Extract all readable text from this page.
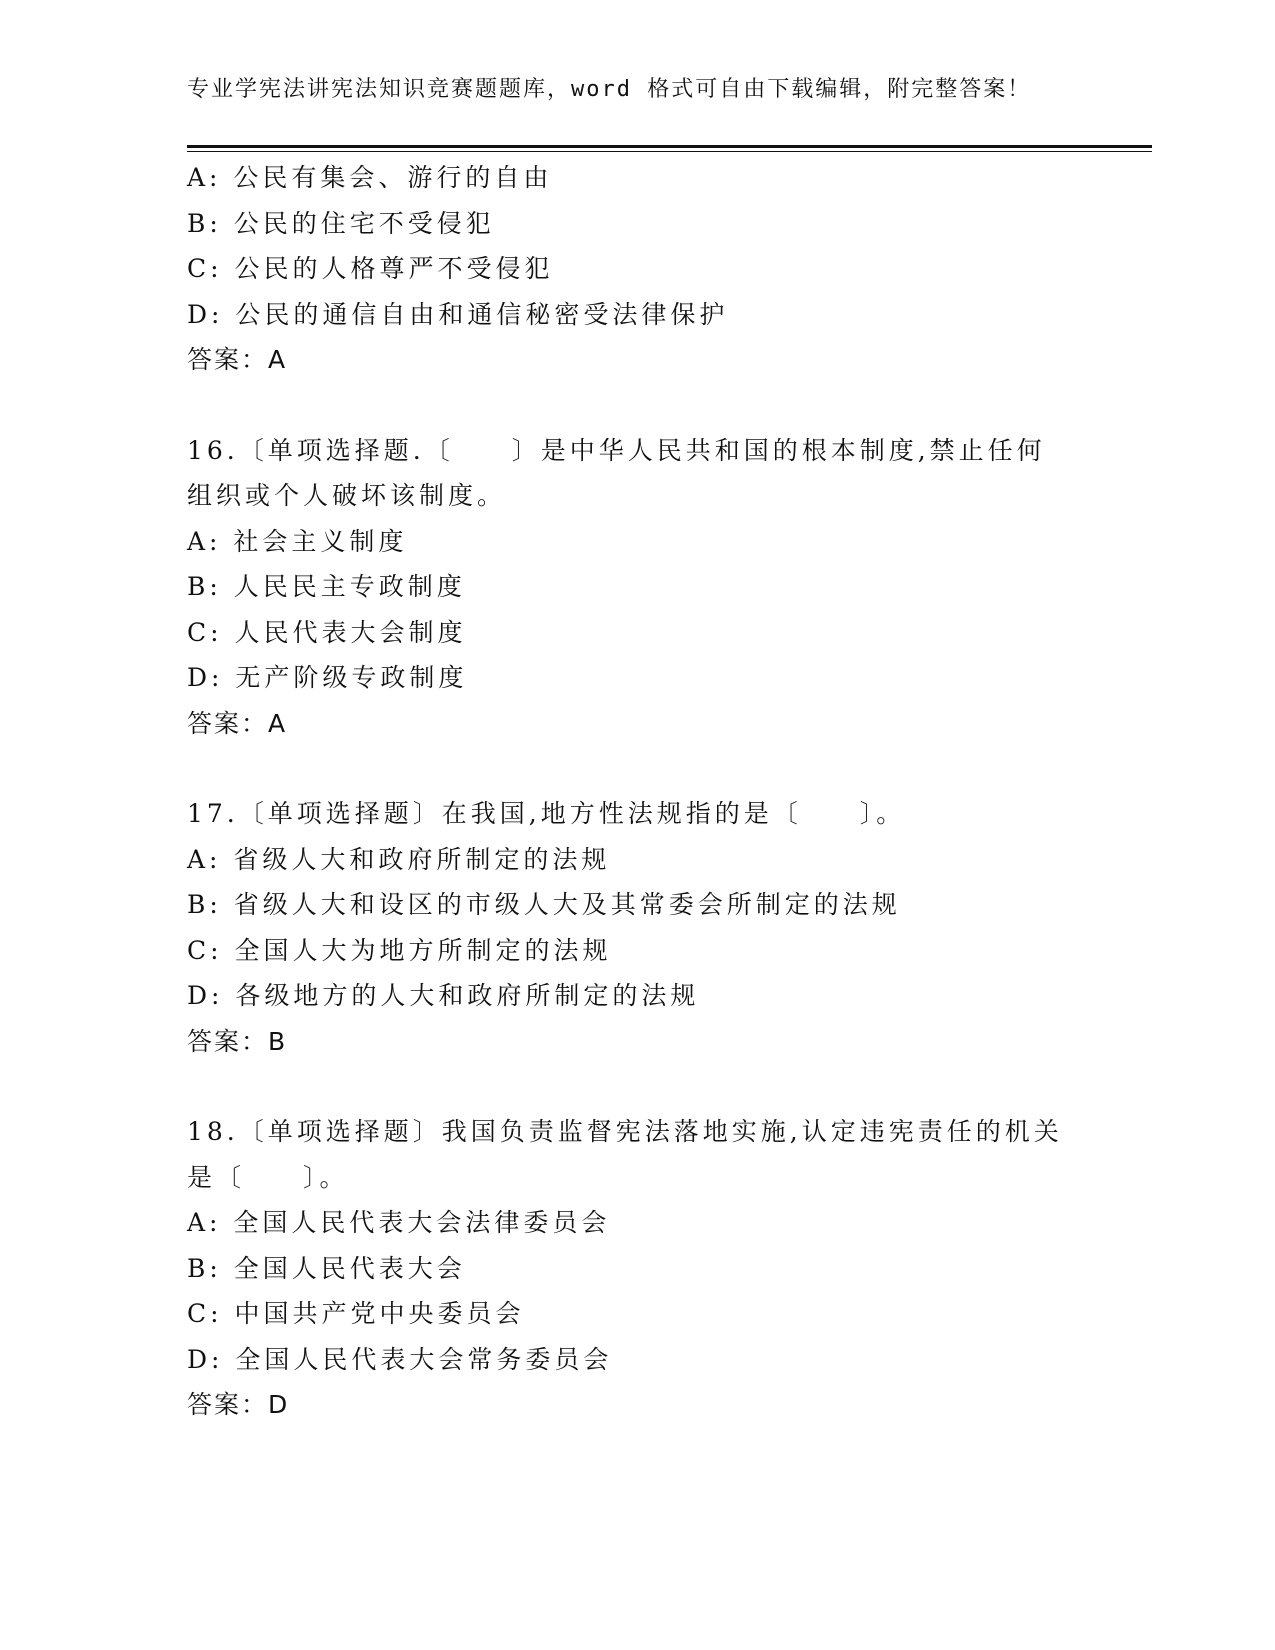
专业学宪法讲宪法知识竞赛题题库，word 格式可自由下载编辑，附完整答案！
A: 公民有集会、游行的自由
B: 公民的住宅不受侵犯
C: 公民的人格尊严不受侵犯
D: 公民的通信自由和通信秘密受法律保护
答案：A
16.〔单项选择题.〔　　〕是中华人民共和国的根本制度,禁止任何组织或个人破坏该制度。
A: 社会主义制度
B: 人民民主专政制度
C: 人民代表大会制度
D: 无产阶级专政制度
答案：A
17.〔单项选择题〕在我国,地方性法规指的是〔　　〕。
A: 省级人大和政府所制定的法规
B: 省级人大和设区的市级人大及其常委会所制定的法规
C: 全国人大为地方所制定的法规
D: 各级地方的人大和政府所制定的法规
答案：B
18.〔单项选择题〕我国负责监督宪法落地实施,认定违宪责任的机关是〔　　〕。
A: 全国人民代表大会法律委员会
B: 全国人民代表大会
C: 中国共产党中央委员会
D: 全国人民代表大会常务委员会
答案：D
